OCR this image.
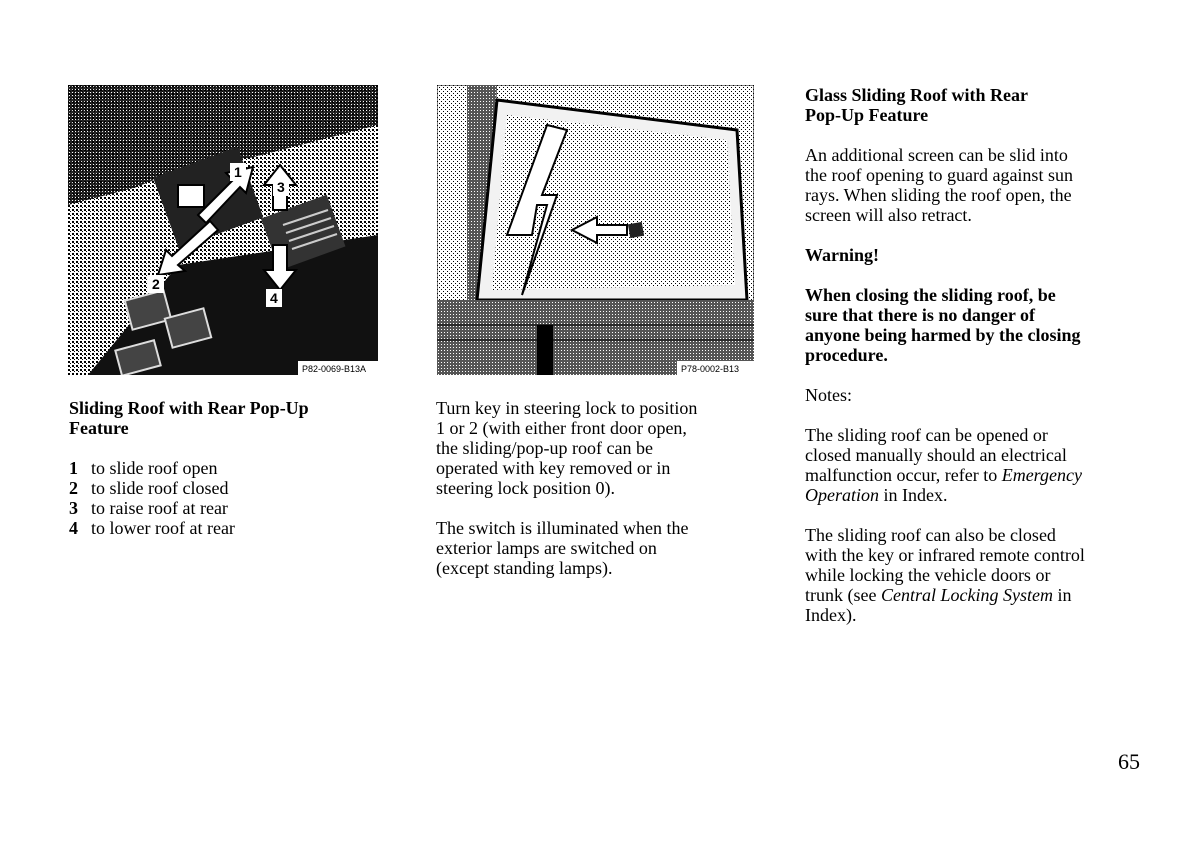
1
2
3
4
P82-0069-B13A	P78-0002-B13

Sliding Roof with Rear Pop-Up
Feature

1 to slide roof open
2 to slide roof closed
3 to raise roof at rear
4 to lower roof at rear

Turn key in steering lock to position
1 or 2 (with either front door open,
the sliding/pop-up roof can be
operated with key removed or in
steering lock position 0).

The switch is illuminated when the
exterior lamps are switched on
(except standing lamps).

Glass Sliding Roof with Rear
Pop-Up Feature

An additional screen can be slid into
the roof opening to guard against sun
rays. When sliding the roof open, the
screen will also retract.

Warning!

When closing the sliding roof, be
sure that there is no danger of
anyone being harmed by the closing
procedure.

Notes:

The sliding roof can be opened or
closed manually should an electrical
malfunction occur, refer to Emergency
Operation in Index.

The sliding roof can also be closed
with the key or infrared remote control
while locking the vehicle doors or
trunk (see Central Locking System in
Index).

65
